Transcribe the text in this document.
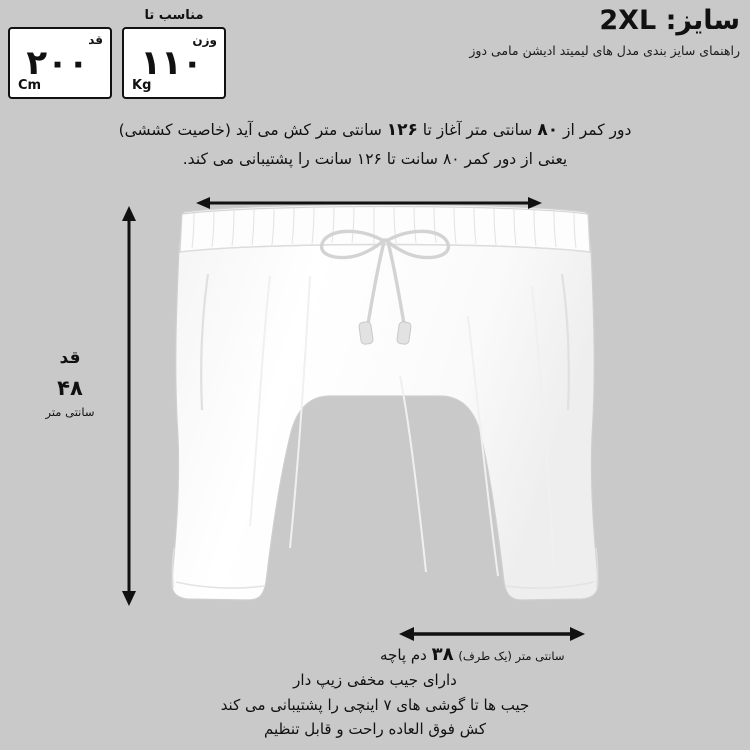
سایز: 2XL
راهنمای سایز بندی مدل های لیمیتد ادیشن مامی دوز
مناسب تا
وزن
۱۱۰
Kg
قد
۲۰۰
Cm
دور کمر از ۸۰ سانتی متر آغاز تا ۱۲۶ سانتی متر کش می آید (خاصیت کششی)
یعنی از دور کمر ۸۰ سانت تا ۱۲۶ سانت را پشتیبانی می کند.
قد
۴۸
سانتی متر
سانتی متر (یک طرف) ۳۸ دم پاچه
دارای جیب مخفی زیپ دار
جیب ها تا گوشی های ۷ اینچی را پشتیبانی می کند
کش فوق العاده راحت و قابل تنظیم
